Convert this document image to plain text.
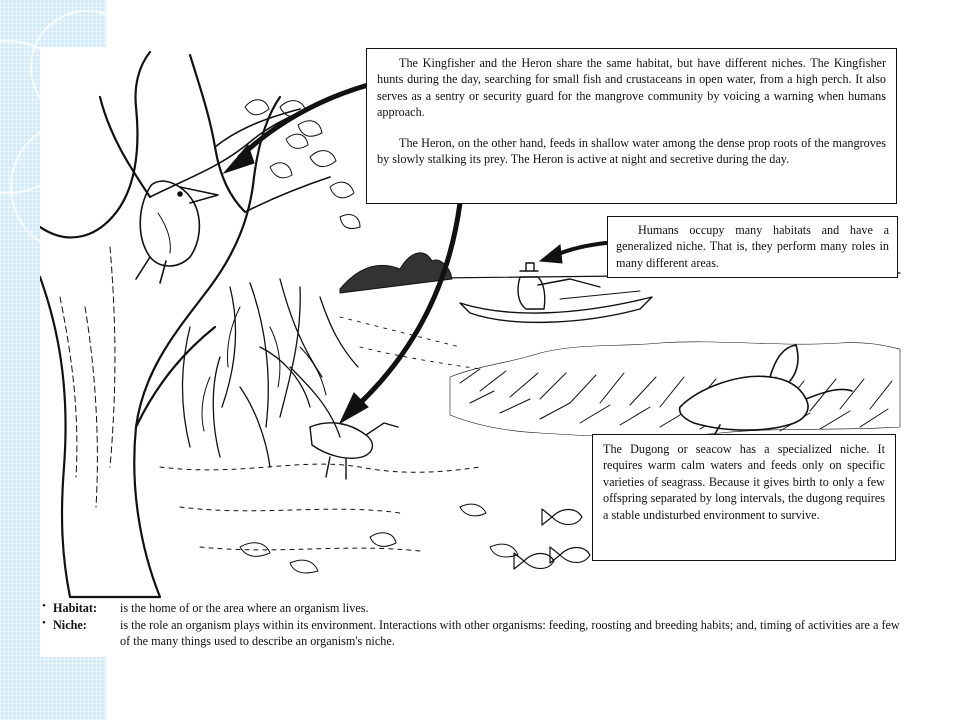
The Kingfisher and the Heron share the same habitat, but have different niches. The Kingfisher hunts during the day, searching for small fish and crustaceans in open water, from a high perch. It also serves as a sentry or security guard for the mangrove community by voicing a warning when humans approach.

The Heron, on the other hand, feeds in shallow water among the dense prop roots of the mangroves by slowly stalking its prey. The Heron is active at night and secretive during the day.

Humans occupy many habitats and have a generalized niche. That is, they perform many roles in many different areas.

The Dugong or seacow has a specialized niche. It requires warm calm waters and feeds only on specific varieties of seagrass. Because it gives birth to only a few offspring separated by long intervals, the dugong requires a stable undisturbed environment to survive.

• Habitat: is the home of or the area where an organism lives.
• Niche:	is the role an organism plays within its environment. Interactions with other organisms: feeding, roosting and breeding habits; and, timing of activities are a few of the many things used to describe an organism's niche.
